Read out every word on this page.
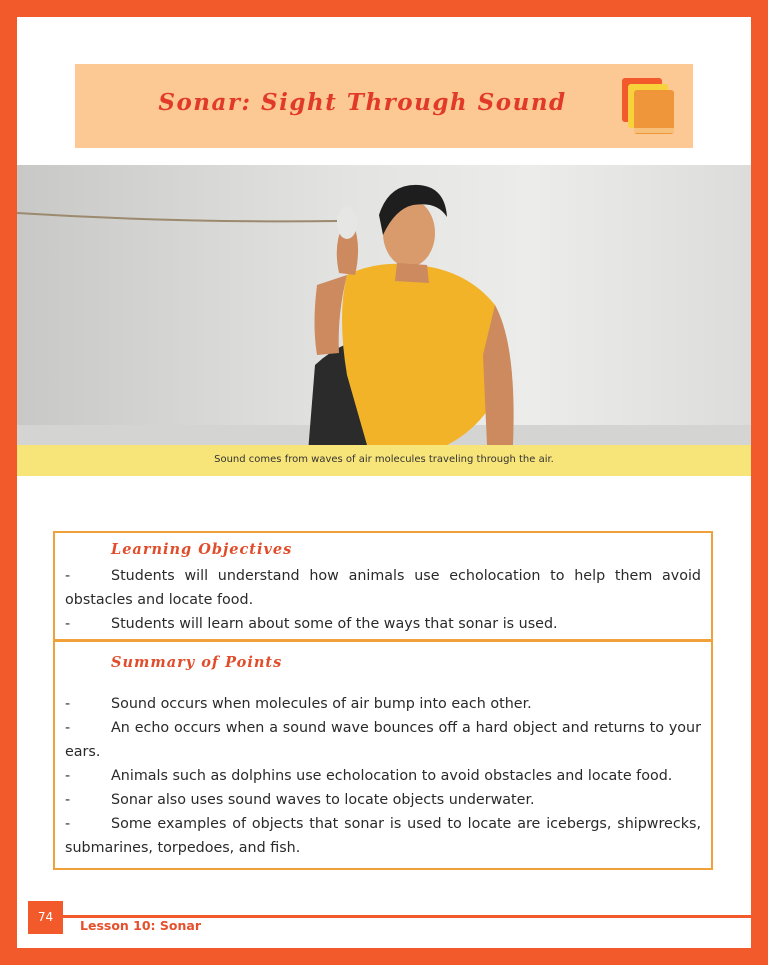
Sonar: Sight Through Sound
Sound comes from waves of air molecules traveling through the air.
Learning Objectives
-	Students will understand how animals use echolocation to help them avoid obstacles and locate food.
-	Students will learn about some of the ways that sonar is used.
Summary of Points
-	Sound occurs when molecules of air bump into each other.
-	An echo occurs when a sound wave bounces off a hard object and returns to your ears.
-	Animals such as dolphins use echolocation to avoid obstacles and locate food.
-	Sonar also uses sound waves to locate objects underwater.
-	Some examples of objects that sonar is used to locate are icebergs, shipwrecks, submarines, torpedoes, and fish.
74
Lesson 10: Sonar
